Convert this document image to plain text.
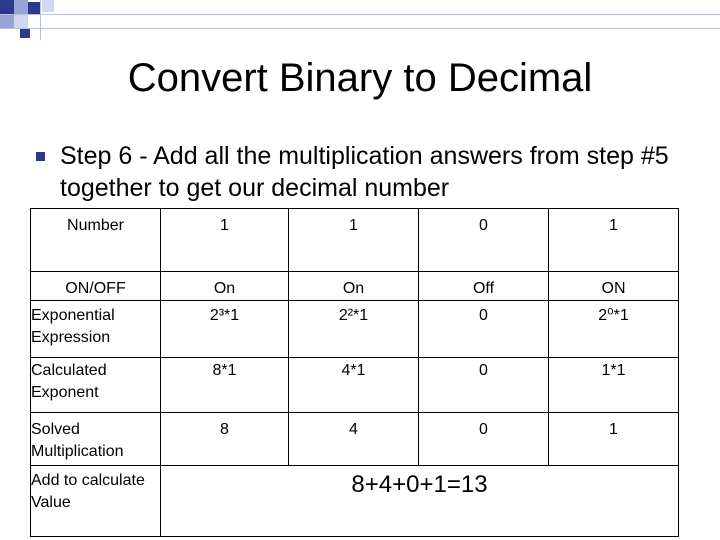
Convert Binary to Decimal
Step 6 - Add all the multiplication answers from step #5 together to get our decimal number
Number	1	1	0	1
ON/OFF	On	On	Off	ON
Exponential Expression	2³*1	2²*1	0	2⁰*1
Calculated Exponent	8*1	4*1	0	1*1
Solved Multiplication	8	4	0	1
Add to calculate Value	8+4+0+1=13			
